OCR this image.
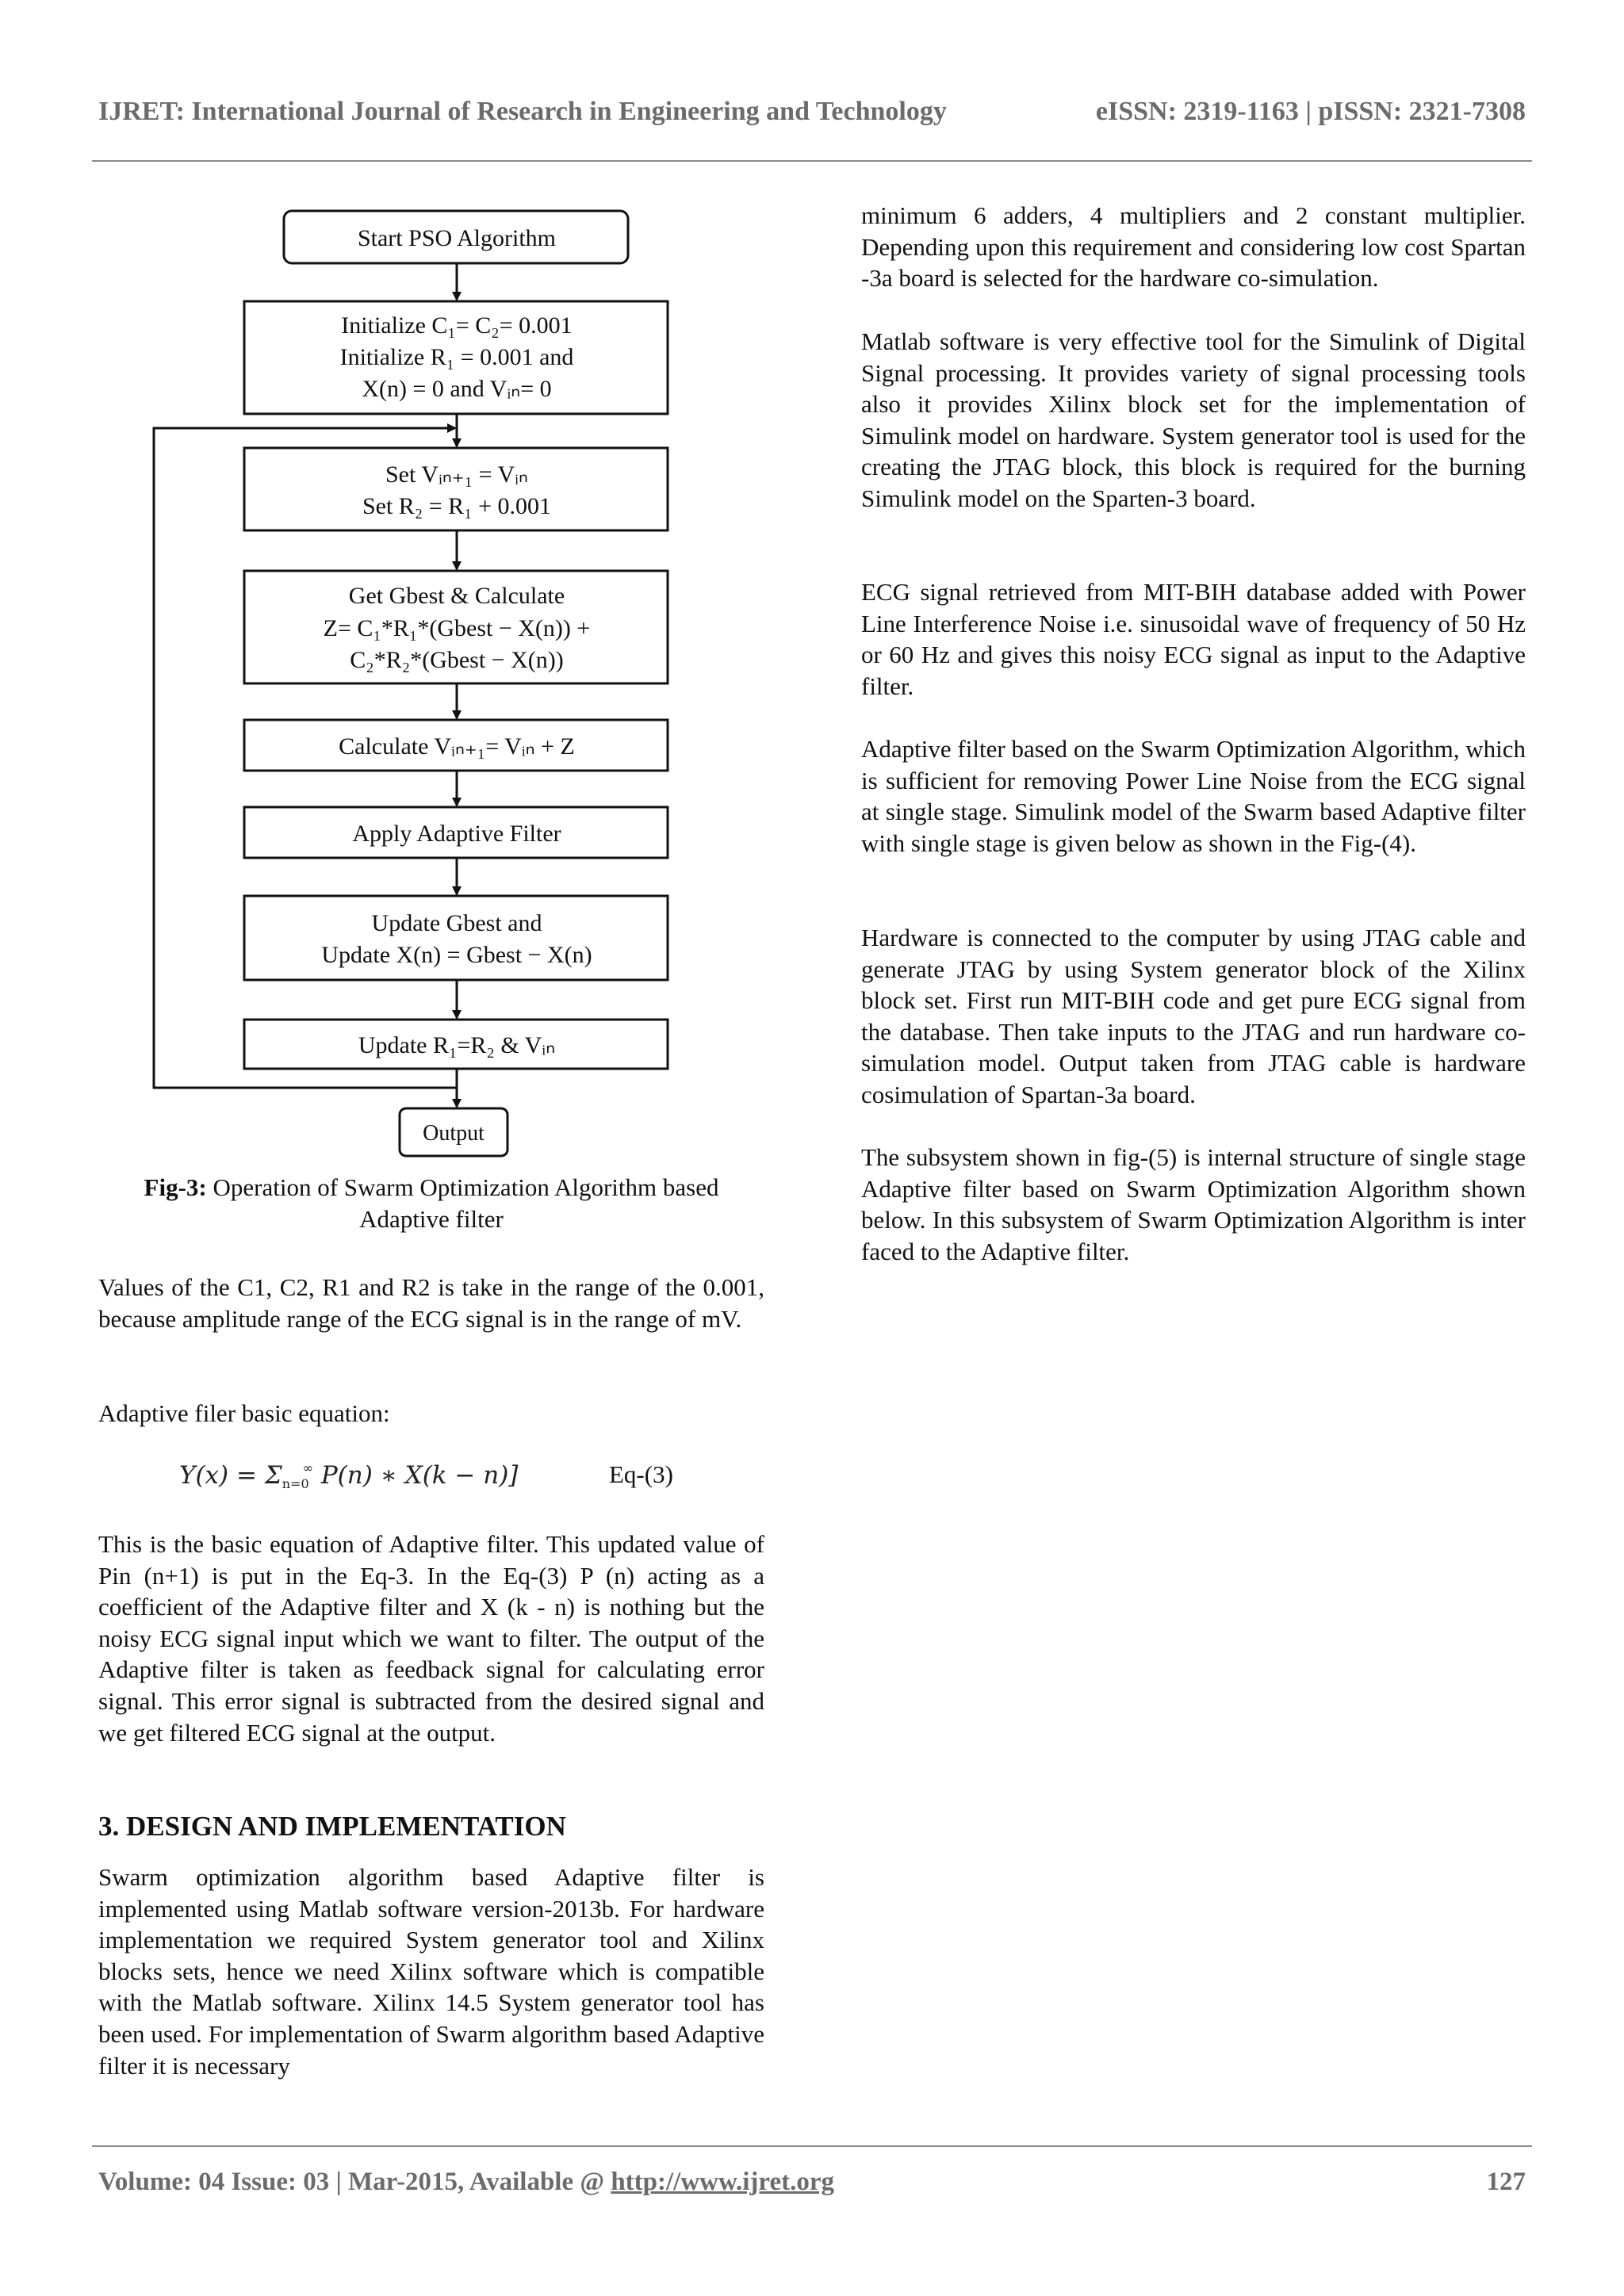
IJRET: International Journal of Research in Engineering and Technology	eISSN: 2319-1163 | pISSN: 2321-7308
Start PSO Algorithm
Initialize C₁= C₂= 0.001
Initialize R₁ = 0.001 and
X(n) = 0 and Vᵢₙ= 0
Set Vᵢₙ₊₁ = Vᵢₙ
Set R₂ = R₁ + 0.001
Get Gbest & Calculate
Z= C₁*R₁*(Gbest − X(n)) +
C₂*R₂*(Gbest − X(n))
Calculate Vᵢₙ₊₁= Vᵢₙ + Z
Apply Adaptive Filter
Update Gbest and
Update X(n) = Gbest − X(n)
Update R₁=R₂ & Vᵢₙ
Output
Fig-3: Operation of Swarm Optimization Algorithm based
Adaptive filter

Values of the C1, C2, R1 and R2 is take in the range of the 0.001, because amplitude range of the ECG signal is in the range of mV.

Adaptive filer basic equation:

$Y(x) = \Sigma_{n=0}^\infty$ P(n) ∗ X(k − n)]	Eq-(3)

This is the basic equation of Adaptive filter. This updated value of Pin (n+1) is put in the Eq-3. In the Eq-(3) P (n) acting as a coefficient of the Adaptive filter and X (k - n) is nothing but the noisy ECG signal input which we want to filter. The output of the Adaptive filter is taken as feedback signal for calculating error signal. This error signal is subtracted from the desired signal and we get filtered ECG signal at the output.

3. DESIGN AND IMPLEMENTATION

Swarm optimization algorithm based Adaptive filter is implemented using Matlab software version-2013b. For hardware implementation we required System generator tool and Xilinx blocks sets, hence we need Xilinx software which is compatible with the Matlab software. Xilinx 14.5 System generator tool has been used. For implementation of Swarm algorithm based Adaptive filter it is necessary

minimum 6 adders, 4 multipliers and 2 constant multiplier. Depending upon this requirement and considering low cost Spartan -3a board is selected for the hardware co-simulation.

Matlab software is very effective tool for the Simulink of Digital Signal processing. It provides variety of signal processing tools also it provides Xilinx block set for the implementation of Simulink model on hardware. System generator tool is used for the creating the JTAG block, this block is required for the burning Simulink model on the Sparten-3 board.

ECG signal retrieved from MIT-BIH database added with Power Line Interference Noise i.e. sinusoidal wave of frequency of 50 Hz or 60 Hz and gives this noisy ECG signal as input to the Adaptive filter.

Adaptive filter based on the Swarm Optimization Algorithm, which is sufficient for removing Power Line Noise from the ECG signal at single stage. Simulink model of the Swarm based Adaptive filter with single stage is given below as shown in the Fig-(4).

Hardware is connected to the computer by using JTAG cable and generate JTAG by using System generator block of the Xilinx block set. First run MIT-BIH code and get pure ECG signal from the database. Then take inputs to the JTAG and run hardware co-simulation model. Output taken from JTAG cable is hardware cosimulation of Spartan-3a board.

The subsystem shown in fig-(5) is internal structure of single stage Adaptive filter based on Swarm Optimization Algorithm shown below. In this subsystem of Swarm Optimization Algorithm is inter faced to the Adaptive filter.

Volume: 04 Issue: 03 | Mar-2015, Available @ http://www.ijret.org	127
